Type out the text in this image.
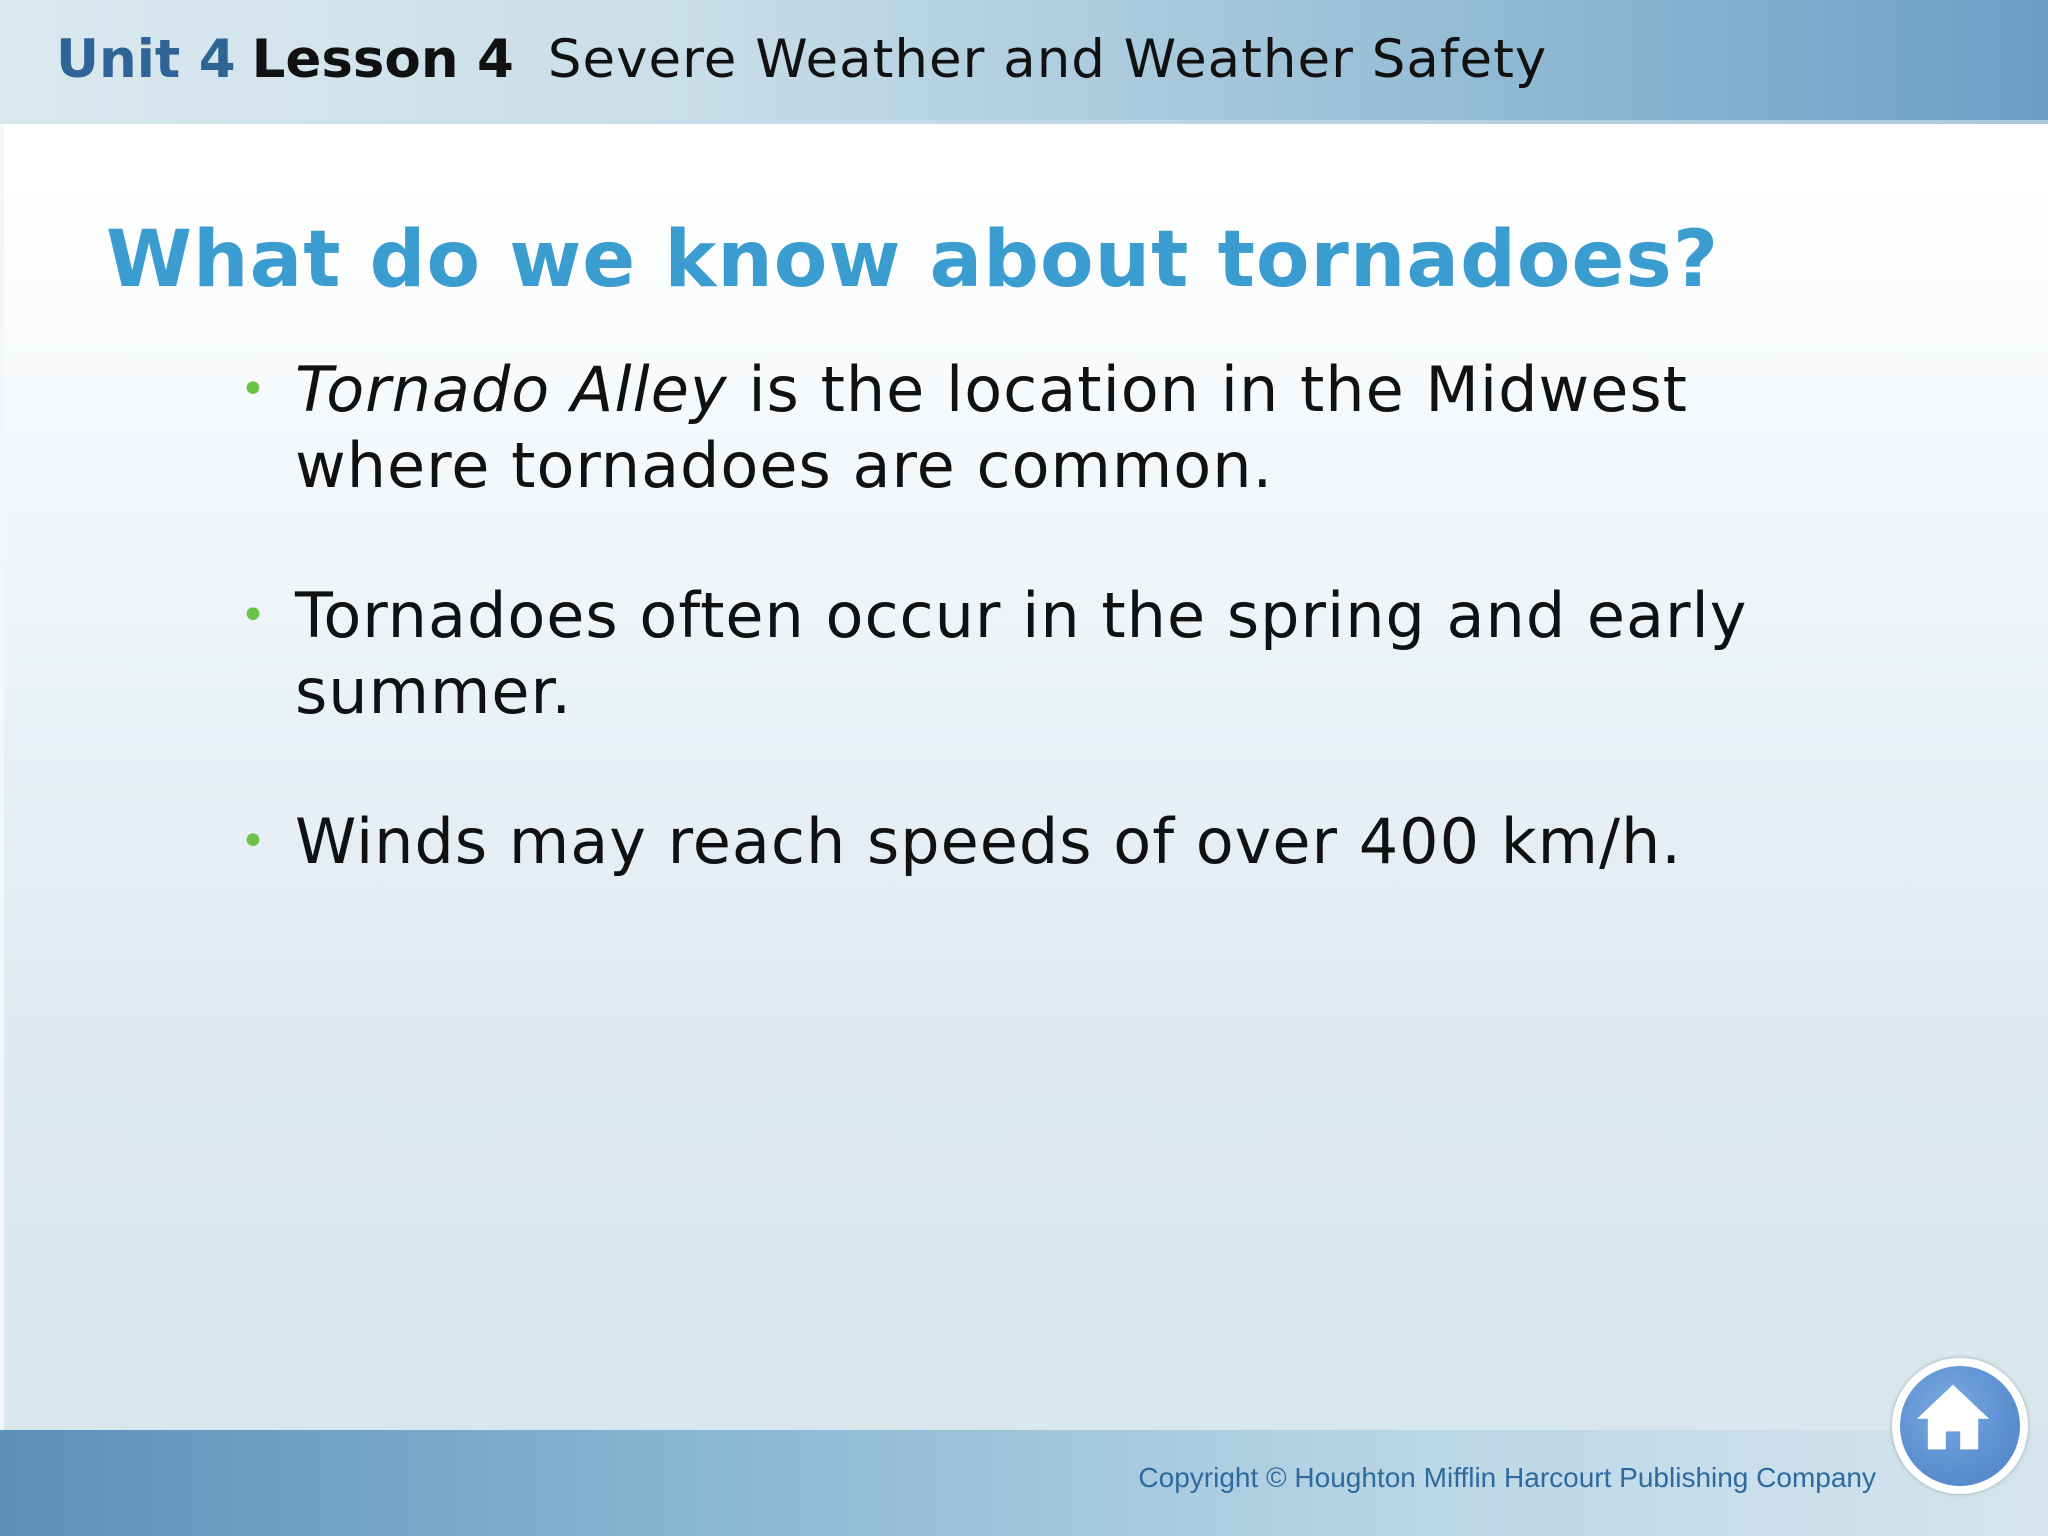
Unit 4 Lesson 4 Severe Weather and Weather Safety
What do we know about tornadoes?
• Tornado Alley is the location in the Midwest where tornadoes are common.
• Tornadoes often occur in the spring and early summer.
• Winds may reach speeds of over 400 km/h.
Copyright © Houghton Mifflin Harcourt Publishing Company
